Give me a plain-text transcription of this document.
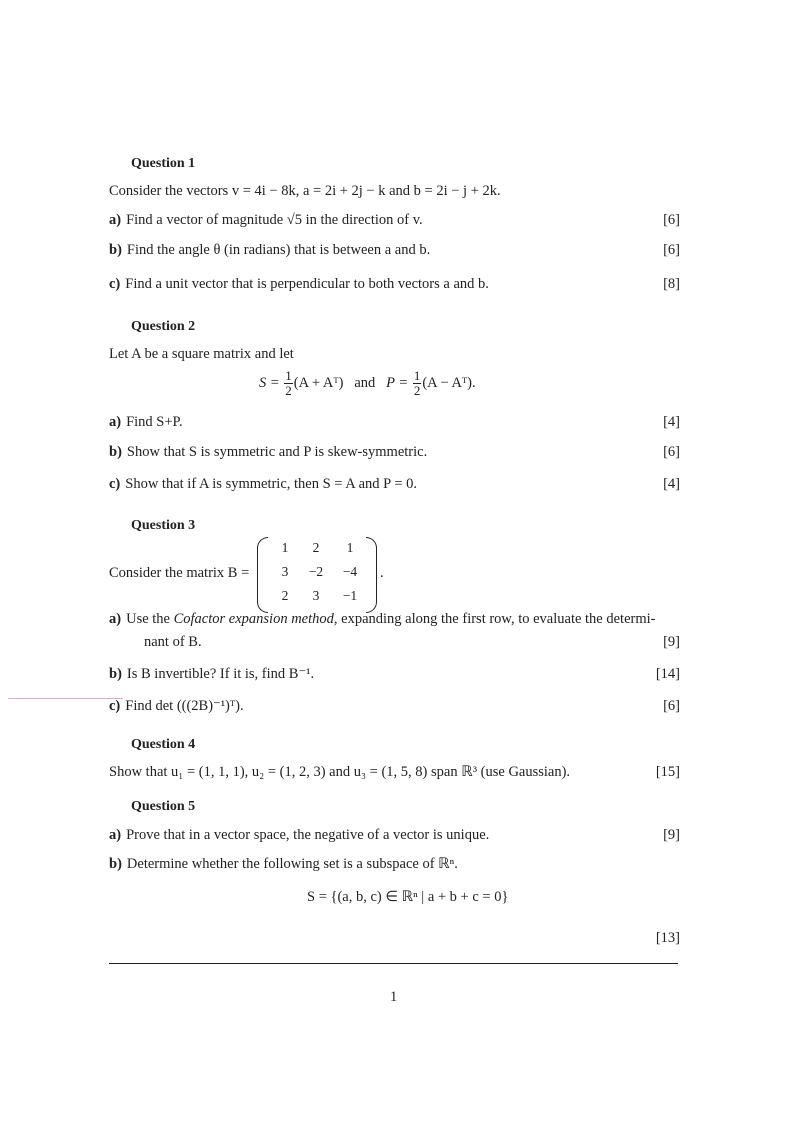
Question 1
Consider the vectors v = 4i − 8k, a = 2i + 2j − k and b = 2i − j + 2k.
a) Find a vector of magnitude √5 in the direction of v.	[6]
b) Find the angle θ (in radians) that is between a and b.	[6]
c) Find a unit vector that is perpendicular to both vectors a and b.	[8]
Question 2
Let A be a square matrix and let
$S = \frac{1}{2} (A$ + Aᵀ) and $P = \frac{1}{2} (A$ − Aᵀ).
a) Find S+P.	[4]
b) Show that S is symmetric and P is skew-symmetric.	[6]
c) Show that if A is symmetric, then S = A and P = 0.	[4]
Question 3
Consider the matrix B =
1	2	1
3	−2	−4
2	3	−1
.
a) Use the Cofactor expansion method, expanding along the first row, to evaluate the determi-
nant of B.	[9]
b) Is B invertible? If it is, find B⁻¹.	[14]
c) Find det (((2B)⁻¹)ᵀ).	[6]
Question 4
Show that u₁ = (1, 1, 1), u₂ = (1, 2, 3) and u₃ = (1, 5, 8) span ℝ³ (use Gaussian).	[15]
Question 5
a) Prove that in a vector space, the negative of a vector is unique.	[9]
b) Determine whether the following set is a subspace of ℝⁿ.
S = {(a, b, c) ∈ ℝⁿ | a + b + c = 0}
[13]
1
